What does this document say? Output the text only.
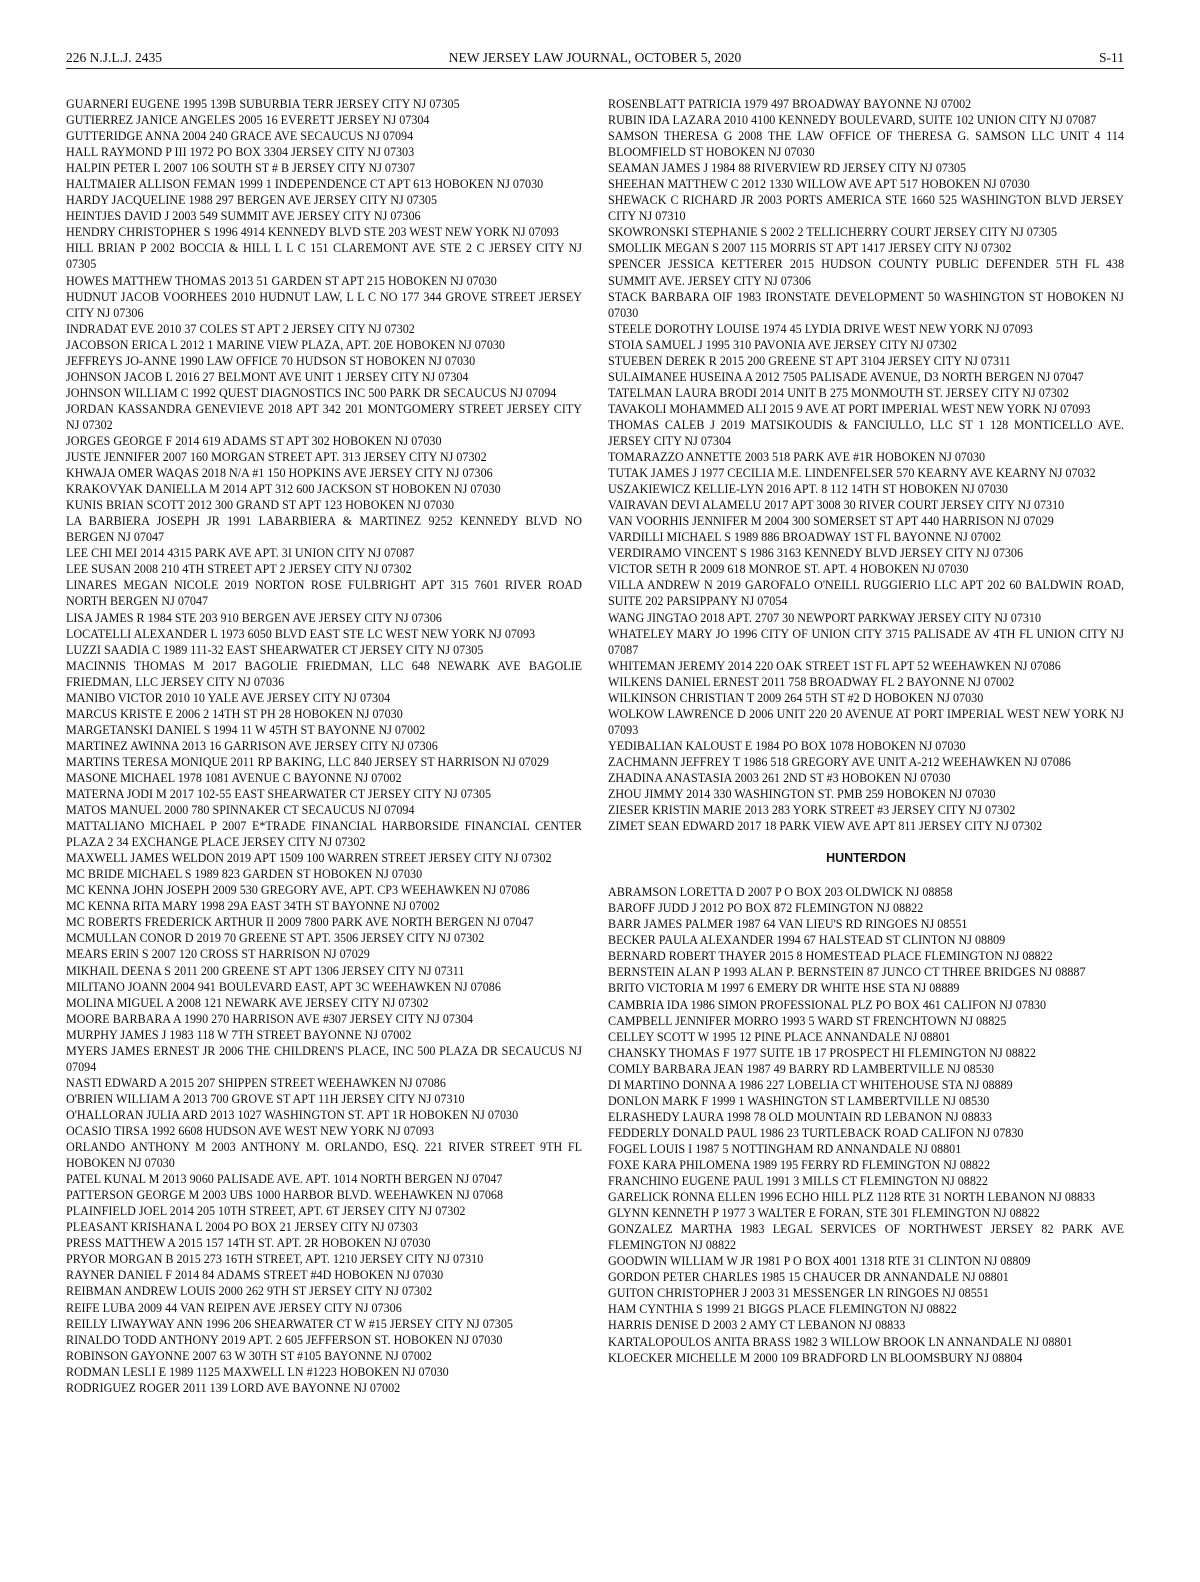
226 N.J.L.J. 2435	NEW JERSEY LAW JOURNAL, OCTOBER 5, 2020	S-11

GUARNERI EUGENE 1995 139B SUBURBIA TERR JERSEY CITY NJ 07305

GUTIERREZ JANICE ANGELES 2005 16 EVERETT JERSEY NJ 07304

GUTTERIDGE ANNA 2004 240 GRACE AVE SECAUCUS NJ 07094

HALL RAYMOND P III 1972 PO BOX 3304 JERSEY CITY NJ 07303

HALPIN PETER L 2007 106 SOUTH ST # B JERSEY CITY NJ 07307

HALTMAIER ALLISON FEMAN 1999 1 INDEPENDENCE CT APT 613 HOBOKEN NJ 07030

HARDY JACQUELINE 1988 297 BERGEN AVE JERSEY CITY NJ 07305

HEINTJES DAVID J 2003 549 SUMMIT AVE JERSEY CITY NJ 07306

HENDRY CHRISTOPHER S 1996 4914 KENNEDY BLVD STE 203 WEST NEW YORK NJ 07093

HILL BRIAN P 2002 BOCCIA & HILL L L C 151 CLAREMONT AVE STE 2 C JERSEY CITY NJ 07305

HOWES MATTHEW THOMAS 2013 51 GARDEN ST APT 215 HOBOKEN NJ 07030

HUDNUT JACOB VOORHEES 2010 HUDNUT LAW, L L C NO 177 344 GROVE STREET JERSEY CITY NJ 07306

INDRADAT EVE 2010 37 COLES ST APT 2 JERSEY CITY NJ 07302

JACOBSON ERICA L 2012 1 MARINE VIEW PLAZA, APT. 20E HOBOKEN NJ 07030

JEFFREYS JO-ANNE 1990 LAW OFFICE 70 HUDSON ST HOBOKEN NJ 07030

JOHNSON JACOB L 2016 27 BELMONT AVE UNIT 1 JERSEY CITY NJ 07304

JOHNSON WILLIAM C 1992 QUEST DIAGNOSTICS INC 500 PARK DR SECAUCUS NJ 07094

JORDAN KASSANDRA GENEVIEVE 2018 APT 342 201 MONTGOMERY STREET JERSEY CITY NJ 07302

JORGES GEORGE F 2014 619 ADAMS ST APT 302 HOBOKEN NJ 07030

JUSTE JENNIFER 2007 160 MORGAN STREET APT. 313 JERSEY CITY NJ 07302

KHWAJA OMER WAQAS 2018 N/A #1 150 HOPKINS AVE JERSEY CITY NJ 07306

KRAKOVYAK DANIELLA M 2014 APT 312 600 JACKSON ST HOBOKEN NJ 07030

KUNIS BRIAN SCOTT 2012 300 GRAND ST APT 123 HOBOKEN NJ 07030

LA BARBIERA JOSEPH JR 1991 LABARBIERA & MARTINEZ 9252 KENNEDY BLVD NO BERGEN NJ 07047

LEE CHI MEI 2014 4315 PARK AVE APT. 3I UNION CITY NJ 07087

LEE SUSAN 2008 210 4TH STREET APT 2 JERSEY CITY NJ 07302

LINARES MEGAN NICOLE 2019 NORTON ROSE FULBRIGHT APT 315 7601 RIVER ROAD NORTH BERGEN NJ 07047

LISA JAMES R 1984 STE 203 910 BERGEN AVE JERSEY CITY NJ 07306

LOCATELLI ALEXANDER L 1973 6050 BLVD EAST STE LC WEST NEW YORK NJ 07093

LUZZI SAADIA C 1989 111-32 EAST SHEARWATER CT JERSEY CITY NJ 07305

MACINNIS THOMAS M 2017 BAGOLIE FRIEDMAN, LLC 648 NEWARK AVE BAGOLIE FRIEDMAN, LLC JERSEY CITY NJ 07036

MANIBO VICTOR 2010 10 YALE AVE JERSEY CITY NJ 07304

MARCUS KRISTE E 2006 2 14TH ST PH 28 HOBOKEN NJ 07030

MARGETANSKI DANIEL S 1994 11 W 45TH ST BAYONNE NJ 07002

MARTINEZ AWINNA 2013 16 GARRISON AVE JERSEY CITY NJ 07306

MARTINS TERESA MONIQUE 2011 RP BAKING, LLC 840 JERSEY ST HARRISON NJ 07029

MASONE MICHAEL 1978 1081 AVENUE C BAYONNE NJ 07002

MATERNA JODI M 2017 102-55 EAST SHEARWATER CT JERSEY CITY NJ 07305

MATOS MANUEL 2000 780 SPINNAKER CT SECAUCUS NJ 07094

MATTALIANO MICHAEL P 2007 E*TRADE FINANCIAL HARBORSIDE FINANCIAL CENTER PLAZA 2 34 EXCHANGE PLACE JERSEY CITY NJ 07302

MAXWELL JAMES WELDON 2019 APT 1509 100 WARREN STREET JERSEY CITY NJ 07302

MC BRIDE MICHAEL S 1989 823 GARDEN ST HOBOKEN NJ 07030

MC KENNA JOHN JOSEPH 2009 530 GREGORY AVE, APT. CP3 WEEHAWKEN NJ 07086

MC KENNA RITA MARY 1998 29A EAST 34TH ST BAYONNE NJ 07002

MC ROBERTS FREDERICK ARTHUR II 2009 7800 PARK AVE NORTH BERGEN NJ 07047

MCMULLAN CONOR D 2019 70 GREENE ST APT. 3506 JERSEY CITY NJ 07302

MEARS ERIN S 2007 120 CROSS ST HARRISON NJ 07029

MIKHAIL DEENA S 2011 200 GREENE ST APT 1306 JERSEY CITY NJ 07311

MILITANO JOANN 2004 941 BOULEVARD EAST, APT 3C WEEHAWKEN NJ 07086

MOLINA MIGUEL A 2008 121 NEWARK AVE JERSEY CITY NJ 07302

MOORE BARBARA A 1990 270 HARRISON AVE #307 JERSEY CITY NJ 07304

MURPHY JAMES J 1983 118 W 7TH STREET BAYONNE NJ 07002

MYERS JAMES ERNEST JR 2006 THE CHILDREN'S PLACE, INC 500 PLAZA DR SECAUCUS NJ 07094

NASTI EDWARD A 2015 207 SHIPPEN STREET WEEHAWKEN NJ 07086

O'BRIEN WILLIAM A 2013 700 GROVE ST APT 11H JERSEY CITY NJ 07310

O'HALLORAN JULIA ARD 2013 1027 WASHINGTON ST. APT 1R HOBOKEN NJ 07030

OCASIO TIRSA 1992 6608 HUDSON AVE WEST NEW YORK NJ 07093

ORLANDO ANTHONY M 2003 ANTHONY M. ORLANDO, ESQ. 221 RIVER STREET 9TH FL HOBOKEN NJ 07030

PATEL KUNAL M 2013 9060 PALISADE AVE. APT. 1014 NORTH BERGEN NJ 07047

PATTERSON GEORGE M 2003 UBS 1000 HARBOR BLVD. WEEHAWKEN NJ 07068

PLAINFIELD JOEL 2014 205 10TH STREET, APT. 6T JERSEY CITY NJ 07302

PLEASANT KRISHANA L 2004 PO BOX 21 JERSEY CITY NJ 07303

PRESS MATTHEW A 2015 157 14TH ST. APT. 2R HOBOKEN NJ 07030

PRYOR MORGAN B 2015 273 16TH STREET, APT. 1210 JERSEY CITY NJ 07310

RAYNER DANIEL F 2014 84 ADAMS STREET #4D HOBOKEN NJ 07030

REIBMAN ANDREW LOUIS 2000 262 9TH ST JERSEY CITY NJ 07302

REIFE LUBA 2009 44 VAN REIPEN AVE JERSEY CITY NJ 07306

REILLY LIWAYWAY ANN 1996 206 SHEARWATER CT W #15 JERSEY CITY NJ 07305

RINALDO TODD ANTHONY 2019 APT. 2 605 JEFFERSON ST. HOBOKEN NJ 07030

ROBINSON GAYONNE 2007 63 W 30TH ST #105 BAYONNE NJ 07002

RODMAN LESLI E 1989 1125 MAXWELL LN #1223 HOBOKEN NJ 07030

RODRIGUEZ ROGER 2011 139 LORD AVE BAYONNE NJ 07002

ROSENBLATT PATRICIA 1979 497 BROADWAY BAYONNE NJ 07002

RUBIN IDA LAZARA 2010 4100 KENNEDY BOULEVARD, SUITE 102 UNION CITY NJ 07087

SAMSON THERESA G 2008 THE LAW OFFICE OF THERESA G. SAMSON LLC UNIT 4 114 BLOOMFIELD ST HOBOKEN NJ 07030

SEAMAN JAMES J 1984 88 RIVERVIEW RD JERSEY CITY NJ 07305

SHEEHAN MATTHEW C 2012 1330 WILLOW AVE APT 517 HOBOKEN NJ 07030

SHEWACK C RICHARD JR 2003 PORTS AMERICA STE 1660 525 WASHINGTON BLVD JERSEY CITY NJ 07310

SKOWRONSKI STEPHANIE S 2002 2 TELLICHERRY COURT JERSEY CITY NJ 07305

SMOLLIK MEGAN S 2007 115 MORRIS ST APT 1417 JERSEY CITY NJ 07302

SPENCER JESSICA KETTERER 2015 HUDSON COUNTY PUBLIC DEFENDER 5TH FL 438 SUMMIT AVE. JERSEY CITY NJ 07306

STACK BARBARA OIF 1983 IRONSTATE DEVELOPMENT 50 WASHINGTON ST HOBOKEN NJ 07030

STEELE DOROTHY LOUISE 1974 45 LYDIA DRIVE WEST NEW YORK NJ 07093

STOIA SAMUEL J 1995 310 PAVONIA AVE JERSEY CITY NJ 07302

STUEBEN DEREK R 2015 200 GREENE ST APT 3104 JERSEY CITY NJ 07311

SULAIMANEE HUSEINA A 2012 7505 PALISADE AVENUE, D3 NORTH BERGEN NJ 07047

TATELMAN LAURA BRODI 2014 UNIT B 275 MONMOUTH ST. JERSEY CITY NJ 07302

TAVAKOLI MOHAMMED ALI 2015 9 AVE AT PORT IMPERIAL WEST NEW YORK NJ 07093

THOMAS CALEB J 2019 MATSIKOUDIS & FANCIULLO, LLC ST 1 128 MONTICELLO AVE. JERSEY CITY NJ 07304

TOMARAZZO ANNETTE 2003 518 PARK AVE #1R HOBOKEN NJ 07030

TUTAK JAMES J 1977 CECILIA M.E. LINDENFELSER 570 KEARNY AVE KEARNY NJ 07032

USZAKIEWICZ KELLIE-LYN 2016 APT. 8 112 14TH ST HOBOKEN NJ 07030

VAIRAVAN DEVI ALAMELU 2017 APT 3008 30 RIVER COURT JERSEY CITY NJ 07310

VAN VOORHIS JENNIFER M 2004 300 SOMERSET ST APT 440 HARRISON NJ 07029

VARDILLI MICHAEL S 1989 886 BROADWAY 1ST FL BAYONNE NJ 07002

VERDIRAMO VINCENT S 1986 3163 KENNEDY BLVD JERSEY CITY NJ 07306

VICTOR SETH R 2009 618 MONROE ST. APT. 4 HOBOKEN NJ 07030

VILLA ANDREW N 2019 GAROFALO O'NEILL RUGGIERIO LLC APT 202 60 BALDWIN ROAD, SUITE 202 PARSIPPANY NJ 07054

WANG JINGTAO 2018 APT. 2707 30 NEWPORT PARKWAY JERSEY CITY NJ 07310

WHATELEY MARY JO 1996 CITY OF UNION CITY 3715 PALISADE AV 4TH FL UNION CITY NJ 07087

WHITEMAN JEREMY 2014 220 OAK STREET 1ST FL APT 52 WEEHAWKEN NJ 07086

WILKENS DANIEL ERNEST 2011 758 BROADWAY FL 2 BAYONNE NJ 07002

WILKINSON CHRISTIAN T 2009 264 5TH ST #2 D HOBOKEN NJ 07030

WOLKOW LAWRENCE D 2006 UNIT 220 20 AVENUE AT PORT IMPERIAL WEST NEW YORK NJ 07093

YEDIBALIAN KALOUST E 1984 PO BOX 1078 HOBOKEN NJ 07030

ZACHMANN JEFFREY T 1986 518 GREGORY AVE UNIT A-212 WEEHAWKEN NJ 07086

ZHADINA ANASTASIA 2003 261 2ND ST #3 HOBOKEN NJ 07030

ZHOU JIMMY 2014 330 WASHINGTON ST. PMB 259 HOBOKEN NJ 07030

ZIESER KRISTIN MARIE 2013 283 YORK STREET #3 JERSEY CITY NJ 07302

ZIMET SEAN EDWARD 2017 18 PARK VIEW AVE APT 811 JERSEY CITY NJ 07302

HUNTERDON

ABRAMSON LORETTA D 2007 P O BOX 203 OLDWICK NJ 08858

BAROFF JUDD J 2012 PO BOX 872 FLEMINGTON NJ 08822

BARR JAMES PALMER 1987 64 VAN LIEU'S RD RINGOES NJ 08551

BECKER PAULA ALEXANDER 1994 67 HALSTEAD ST CLINTON NJ 08809

BERNARD ROBERT THAYER 2015 8 HOMESTEAD PLACE FLEMINGTON NJ 08822

BERNSTEIN ALAN P 1993 ALAN P. BERNSTEIN 87 JUNCO CT THREE BRIDGES NJ 08887

BRITO VICTORIA M 1997 6 EMERY DR WHITE HSE STA NJ 08889

CAMBRIA IDA 1986 SIMON PROFESSIONAL PLZ PO BOX 461 CALIFON NJ 07830

CAMPBELL JENNIFER MORRO 1993 5 WARD ST FRENCHTOWN NJ 08825

CELLEY SCOTT W 1995 12 PINE PLACE ANNANDALE NJ 08801

CHANSKY THOMAS F 1977 SUITE 1B 17 PROSPECT HI FLEMINGTON NJ 08822

COMLY BARBARA JEAN 1987 49 BARRY RD LAMBERTVILLE NJ 08530

DI MARTINO DONNA A 1986 227 LOBELIA CT WHITEHOUSE STA NJ 08889

DONLON MARK F 1999 1 WASHINGTON ST LAMBERTVILLE NJ 08530

ELRASHEDY LAURA 1998 78 OLD MOUNTAIN RD LEBANON NJ 08833

FEDDERLY DONALD PAUL 1986 23 TURTLEBACK ROAD CALIFON NJ 07830

FOGEL LOUIS I 1987 5 NOTTINGHAM RD ANNANDALE NJ 08801

FOXE KARA PHILOMENA 1989 195 FERRY RD FLEMINGTON NJ 08822

FRANCHINO EUGENE PAUL 1991 3 MILLS CT FLEMINGTON NJ 08822

GARELICK RONNA ELLEN 1996 ECHO HILL PLZ 1128 RTE 31 NORTH LEBANON NJ 08833

GLYNN KENNETH P 1977 3 WALTER E FORAN, STE 301 FLEMINGTON NJ 08822

GONZALEZ MARTHA 1983 LEGAL SERVICES OF NORTHWEST JERSEY 82 PARK AVE FLEMINGTON NJ 08822

GOODWIN WILLIAM W JR 1981 P O BOX 4001 1318 RTE 31 CLINTON NJ 08809

GORDON PETER CHARLES 1985 15 CHAUCER DR ANNANDALE NJ 08801

GUITON CHRISTOPHER J 2003 31 MESSENGER LN RINGOES NJ 08551

HAM CYNTHIA S 1999 21 BIGGS PLACE FLEMINGTON NJ 08822

HARRIS DENISE D 2003 2 AMY CT LEBANON NJ 08833

KARTALOPOULOS ANITA BRASS 1982 3 WILLOW BROOK LN ANNANDALE NJ 08801

KLOECKER MICHELLE M 2000 109 BRADFORD LN BLOOMSBURY NJ 08804
